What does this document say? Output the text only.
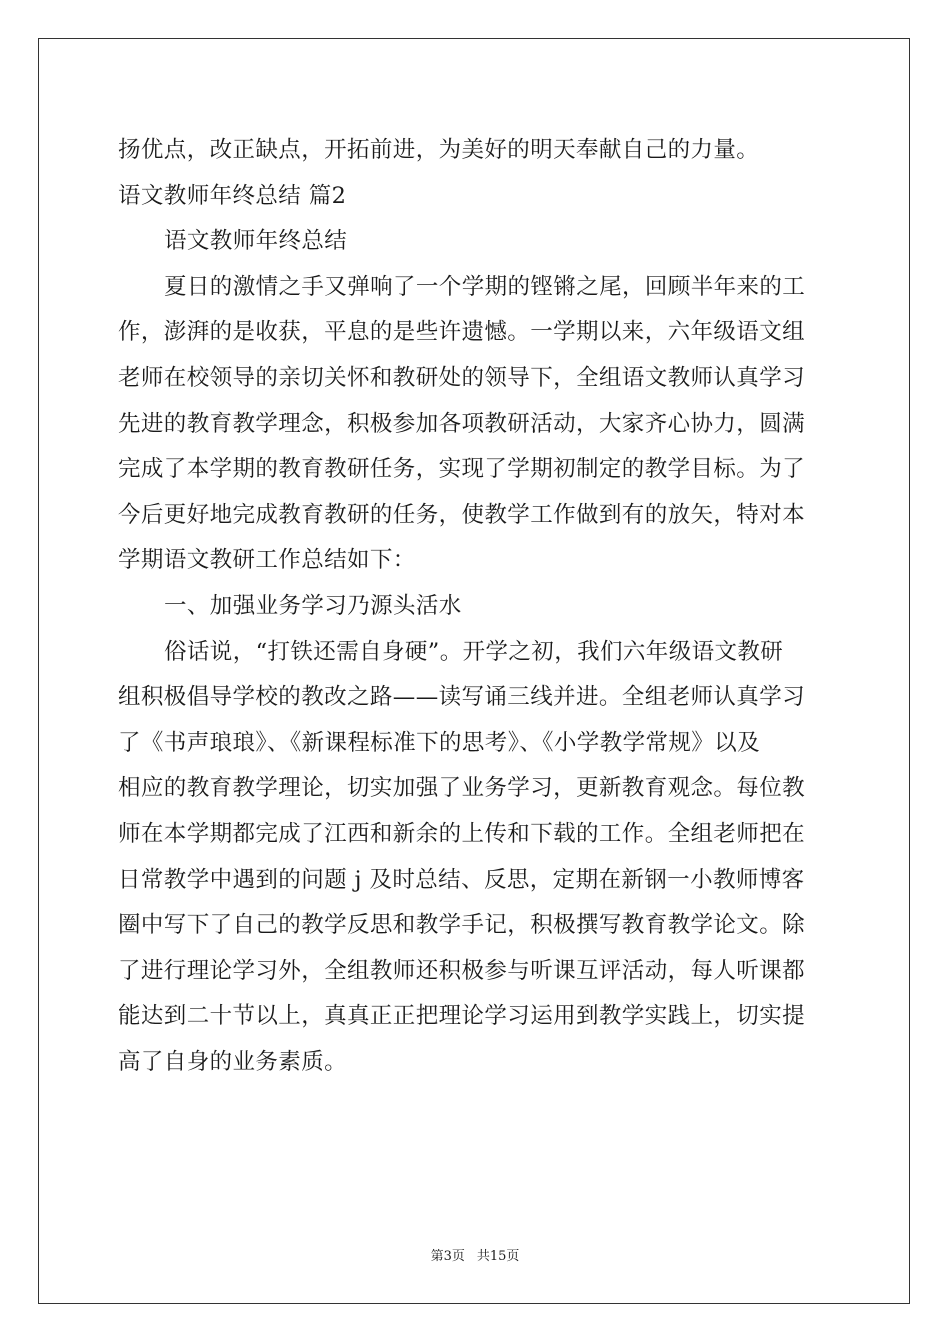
扬优点，改正缺点，开拓前进，为美好的明天奉献自己的力量。

语文教师年终总结 篇2

语文教师年终总结

夏日的激情之手又弹响了一个学期的铿锵之尾，回顾半年来的工

作，澎湃的是收获，平息的是些许遗憾。一学期以来，六年级语文组

老师在校领导的亲切关怀和教研处的领导下，全组语文教师认真学习

先进的教育教学理念，积极参加各项教研活动，大家齐心协力，圆满

完成了本学期的教育教研任务，实现了学期初制定的教学目标。为了

今后更好地完成教育教研的任务，使教学工作做到有的放矢，特对本

学期语文教研工作总结如下：

一、加强业务学习乃源头活水

俗话说，“打铁还需自身硬”。开学之初，我们六年级语文教研

组积极倡导学校的教改之路——读写诵三线并进。全组老师认真学习

了《书声琅琅》、《新课程标准下的思考》、《小学教学常规》以及

相应的教育教学理论，切实加强了业务学习，更新教育观念。每位教

师在本学期都完成了江西和新余的上传和下载的工作。全组老师把在

日常教学中遇到的问题 j 及时总结、反思，定期在新钢一小教师博客

圈中写下了自己的教学反思和教学手记，积极撰写教育教学论文。除

了进行理论学习外，全组教师还积极参与听课互评活动，每人听课都

能达到二十节以上，真真正正把理论学习运用到教学实践上，切实提

高了自身的业务素质。

第3页 共15页
